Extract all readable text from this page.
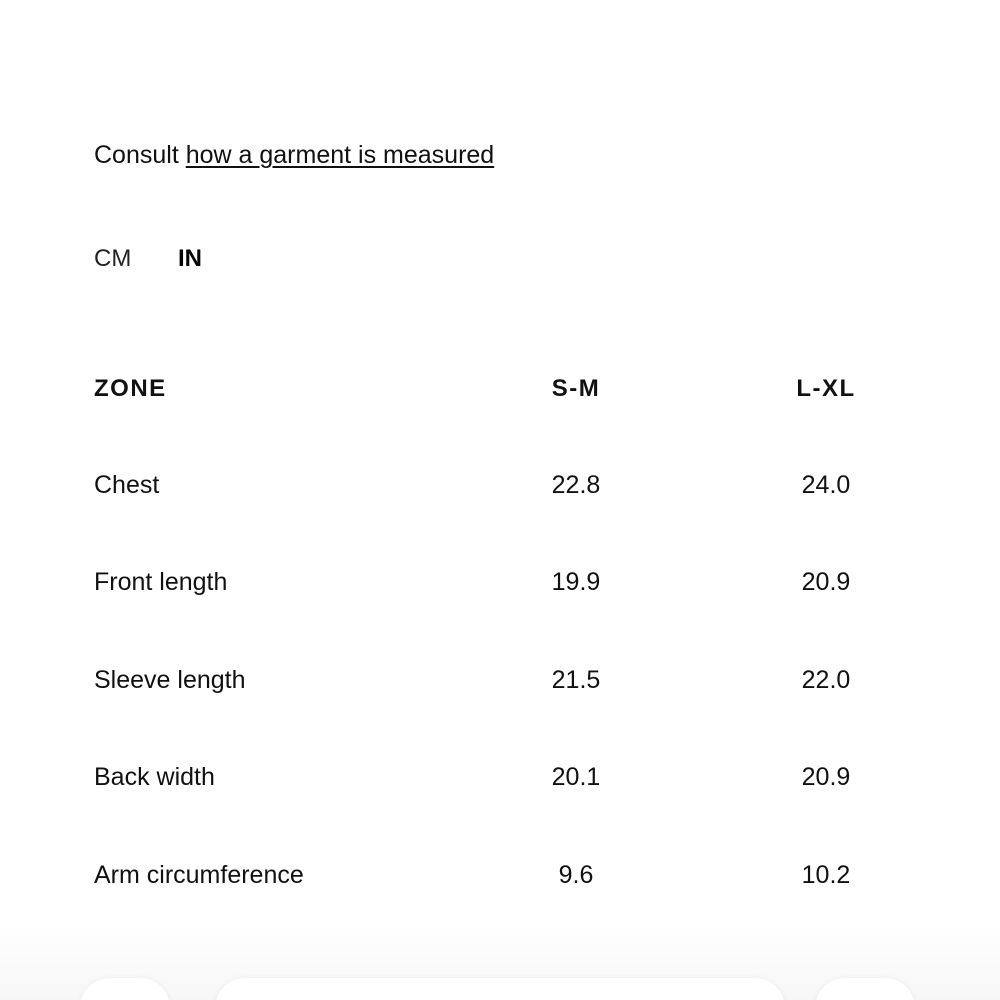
Consult how a garment is measured
CM	IN
ZONE	S-M	L-XL
Chest	22.8	24.0
Front length	19.9	20.9
Sleeve length	21.5	22.0
Back width	20.1	20.9
Arm circumference	9.6	10.2
